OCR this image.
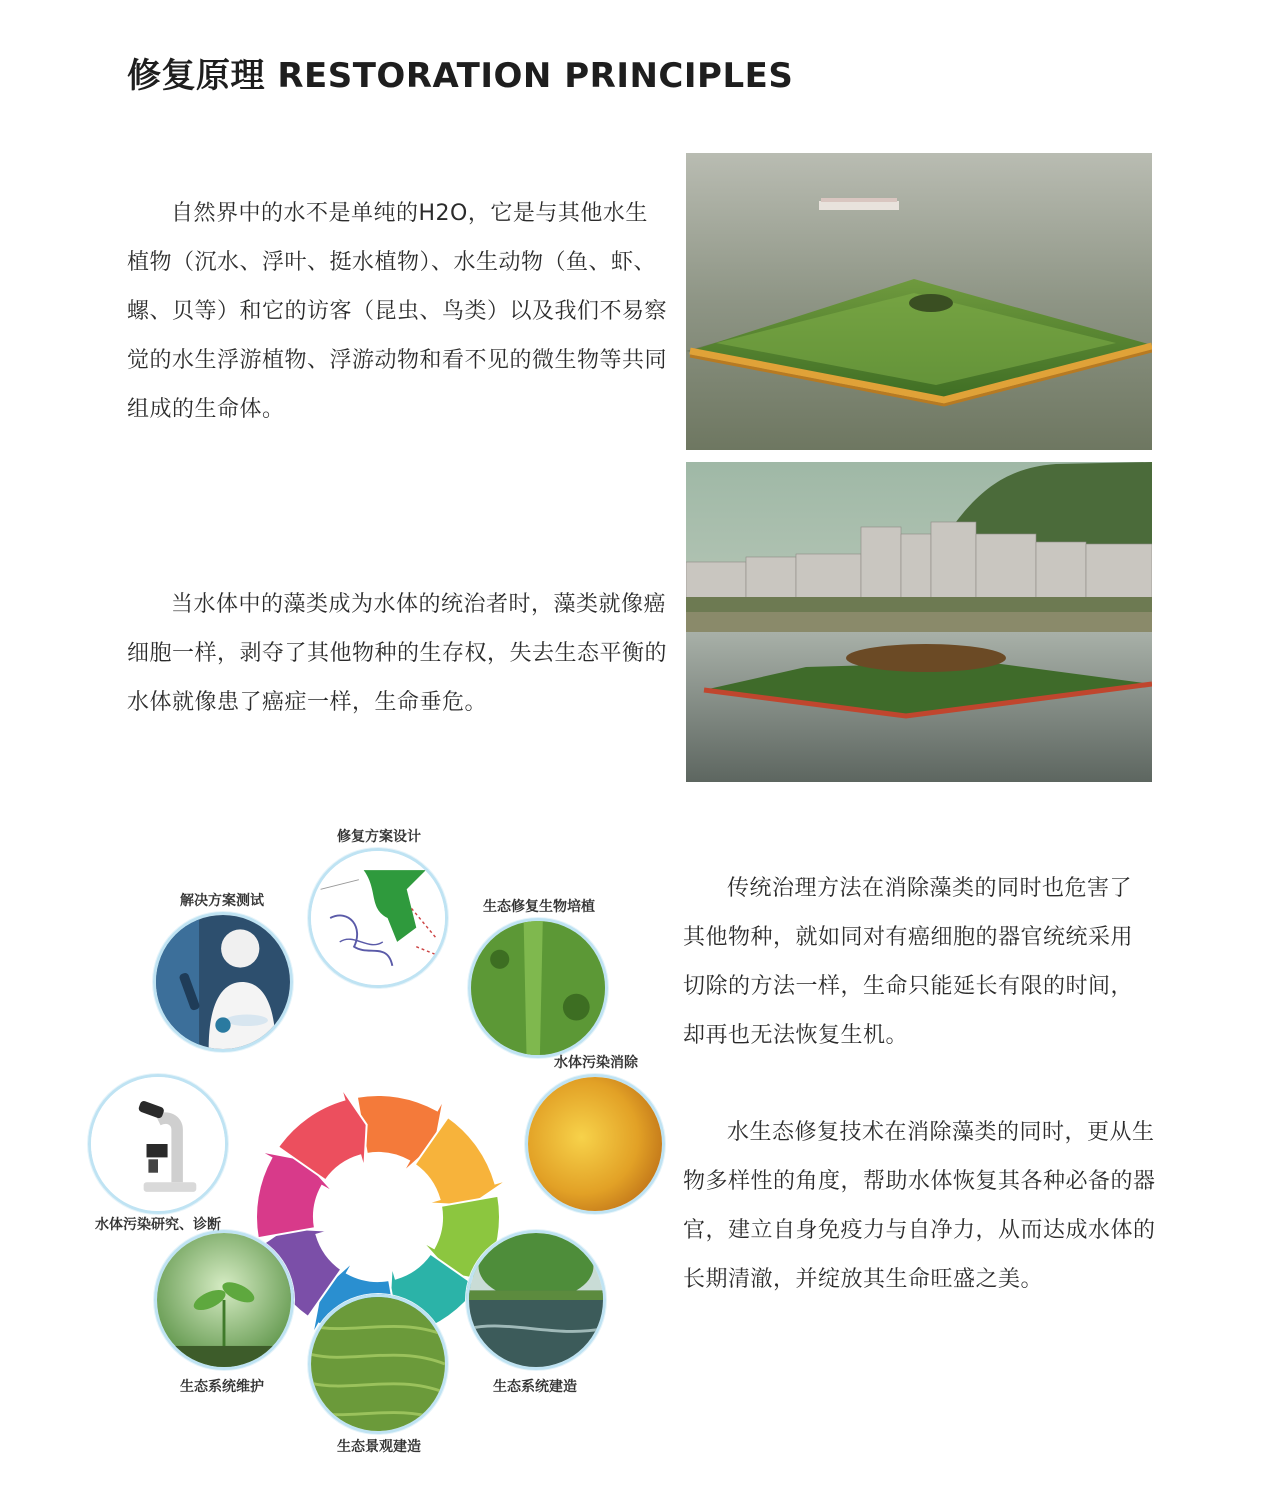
修复原理 RESTORATION PRINCIPLES

自然界中的水不是单纯的H2O，它是与其他水生植物（沉水、浮叶、挺水植物）、水生动物（鱼、虾、螺、贝等）和它的访客（昆虫、鸟类）以及我们不易察觉的水生浮游植物、浮游动物和看不见的微生物等共同组成的生命体。

当水体中的藻类成为水体的统治者时，藻类就像癌细胞一样，剥夺了其他物种的生存权，失去生态平衡的水体就像患了癌症一样，生命垂危。

传统治理方法在消除藻类的同时也危害了其他物种，就如同对有癌细胞的器官统统采用切除的方法一样，生命只能延长有限的时间，却再也无法恢复生机。

水生态修复技术在消除藻类的同时，更从生物多样性的角度，帮助水体恢复其各种必备的器官，建立自身免疫力与自净力，从而达成水体的长期清澈，并绽放其生命旺盛之美。

修复方案设计
生态修复生物培植
水体污染消除
生态系统建造
生态景观建造
生态系统维护
水体污染研究、诊断
解决方案测试
